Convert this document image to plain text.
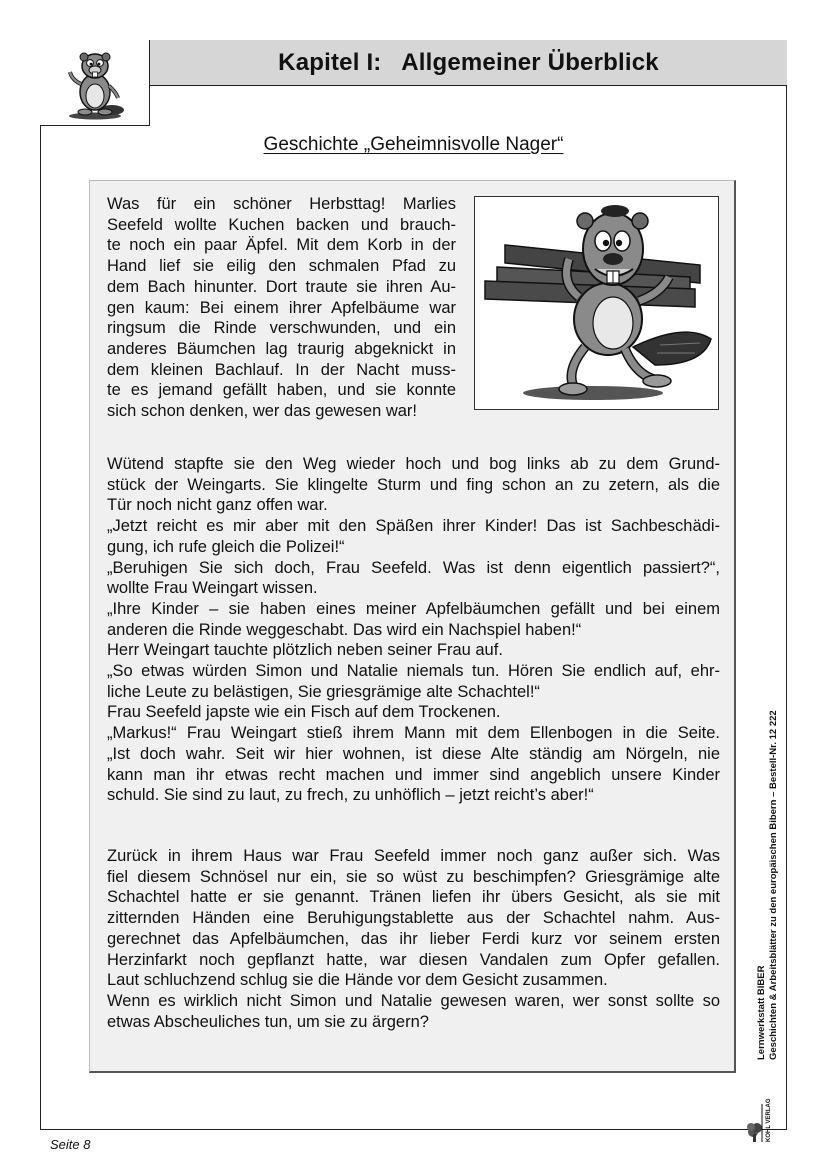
Kapitel I:   Allgemeiner Überblick
Geschichte „Geheimnisvolle Nager“
Was für ein schöner Herbsttag! Marlies
Seefeld wollte Kuchen backen und brauch-
te noch ein paar Äpfel. Mit dem Korb in der
Hand lief sie eilig den schmalen Pfad zu
dem Bach hinunter. Dort traute sie ihren Au-
gen kaum: Bei einem ihrer Apfelbäume war
ringsum die Rinde verschwunden, und ein
anderes Bäumchen lag traurig abgeknickt in
dem kleinen Bachlauf. In der Nacht muss-
te es jemand gefällt haben, und sie konnte
sich schon denken, wer das gewesen war!
Wütend stapfte sie den Weg wieder hoch und bog links ab zu dem Grund-
stück der Weingarts. Sie klingelte Sturm und fing schon an zu zetern, als die
Tür noch nicht ganz offen war.
„Jetzt reicht es mir aber mit den Späßen ihrer Kinder! Das ist Sachbeschädi-
gung, ich rufe gleich die Polizei!“
„Beruhigen Sie sich doch, Frau Seefeld. Was ist denn eigentlich passiert?“,
wollte Frau Weingart wissen.
„Ihre Kinder – sie haben eines meiner Apfelbäumchen gefällt und bei einem
anderen die Rinde weggeschabt. Das wird ein Nachspiel haben!“
Herr Weingart tauchte plötzlich neben seiner Frau auf.
„So etwas würden Simon und Natalie niemals tun. Hören Sie endlich auf, ehr-
liche Leute zu belästigen, Sie griesgrämige alte Schachtel!“
Frau Seefeld japste wie ein Fisch auf dem Trockenen.
„Markus!“ Frau Weingart stieß ihrem Mann mit dem Ellenbogen in die Seite.
„Ist doch wahr. Seit wir hier wohnen, ist diese Alte ständig am Nörgeln, nie
kann man ihr etwas recht machen und immer sind angeblich unsere Kinder
schuld. Sie sind zu laut, zu frech, zu unhöflich – jetzt reicht’s aber!“
Zurück in ihrem Haus war Frau Seefeld immer noch ganz außer sich. Was
fiel diesem Schnösel nur ein, sie so wüst zu beschimpfen? Griesgrämige alte
Schachtel hatte er sie genannt. Tränen liefen ihr übers Gesicht, als sie mit
zitternden Händen eine Beruhigungstablette aus der Schachtel nahm. Aus-
gerechnet das Apfelbäumchen, das ihr lieber Ferdi kurz vor seinem ersten
Herzinfarkt noch gepflanzt hatte, war diesen Vandalen zum Opfer gefallen.
Laut schluchzend schlug sie die Hände vor dem Gesicht zusammen.
Wenn es wirklich nicht Simon und Natalie gewesen waren, wer sonst sollte so
etwas Abscheuliches tun, um sie zu ärgern?	Lernwerkstatt BIBER Geschichten & Arbeitsblätter zu den europäischen Bibern – Bestell-Nr. 12 222
KOHL VERLAG
Seite 8
